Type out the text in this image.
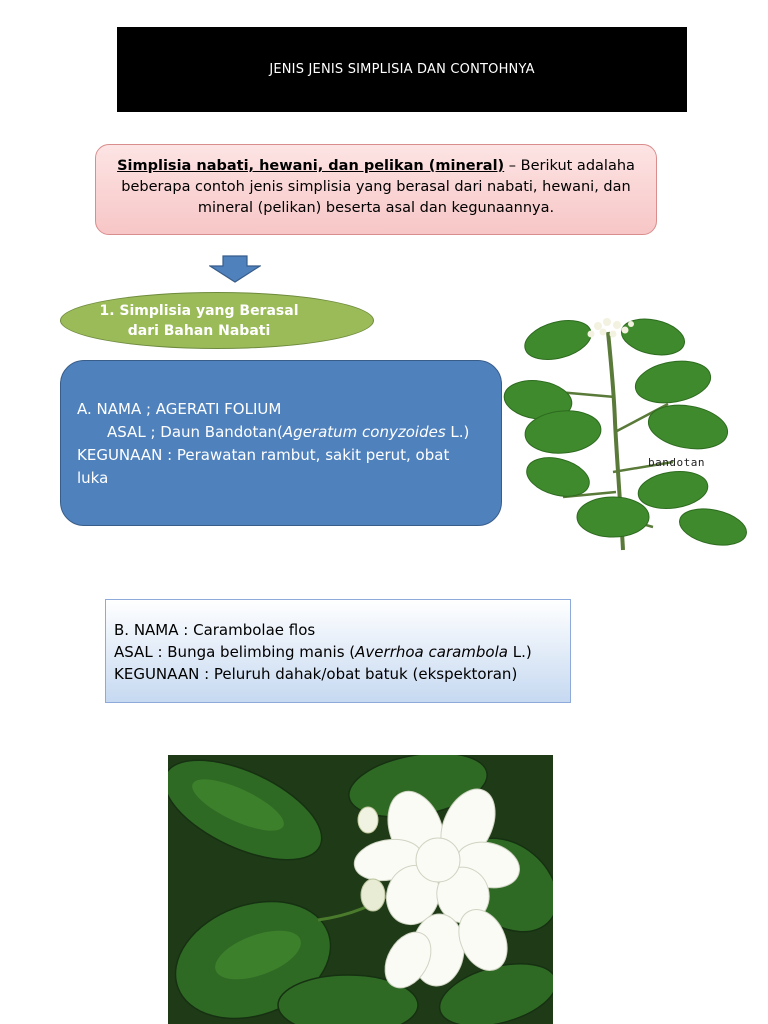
JENIS JENIS SIMPLISIA DAN CONTOHNYA
Simplisia nabati, hewani, dan pelikan (mineral) – Berikut adalaha beberapa contoh jenis simplisia yang berasal dari nabati, hewani, dan mineral (pelikan) beserta asal dan kegunaannya.
1. Simplisia yang Berasal
dari Bahan Nabati
A. NAMA ; AGERATI FOLIUM
ASAL ; Daun Bandotan(Ageratum conyzoides L.)
KEGUNAAN : Perawatan rambut, sakit perut, obat luka
bandotan
B. NAMA : Carambolae flos
ASAL : Bunga belimbing manis (Averrhoa carambola L.)
KEGUNAAN : Peluruh dahak/obat batuk (ekspektoran)
